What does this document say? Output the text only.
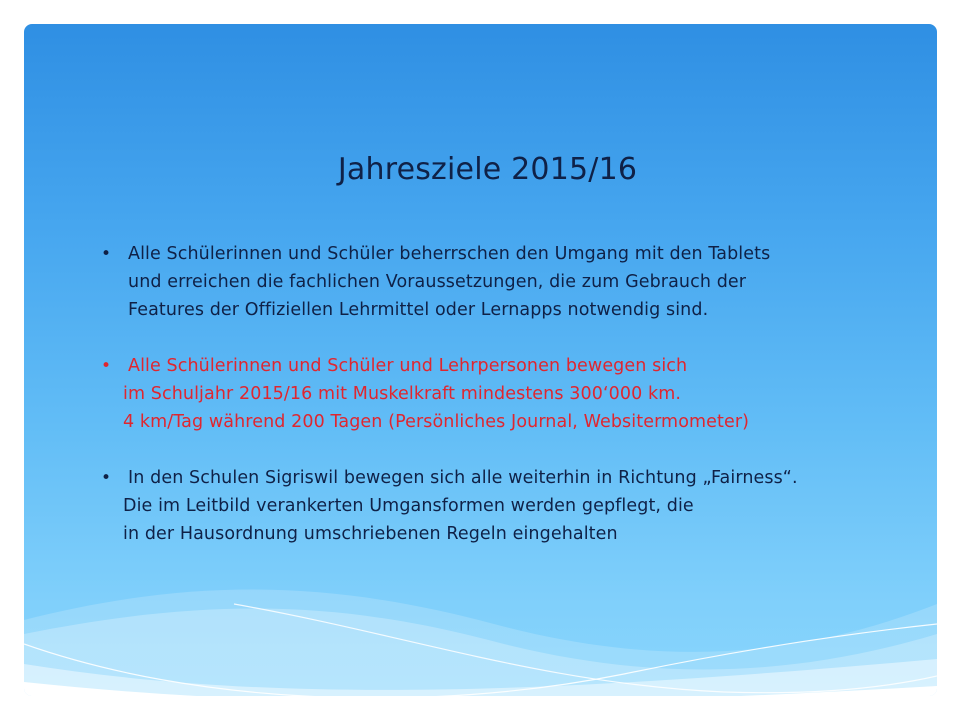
Jahresziele 2015/16
• Alle Schülerinnen und Schüler beherrschen den Umgang mit den Tablets
und erreichen die fachlichen Voraussetzungen, die zum Gebrauch der
Features der Offiziellen Lehrmittel oder Lernapps notwendig sind.
• Alle Schülerinnen und Schüler und Lehrpersonen bewegen sich
im Schuljahr 2015/16 mit Muskelkraft mindestens 300‘000 km.
4 km/Tag während 200 Tagen (Persönliches Journal, Websitermometer)
• In den Schulen Sigriswil bewegen sich alle weiterhin in Richtung „Fairness“.
Die im Leitbild verankerten Umgansformen werden gepflegt, die
in der Hausordnung umschriebenen Regeln eingehalten
